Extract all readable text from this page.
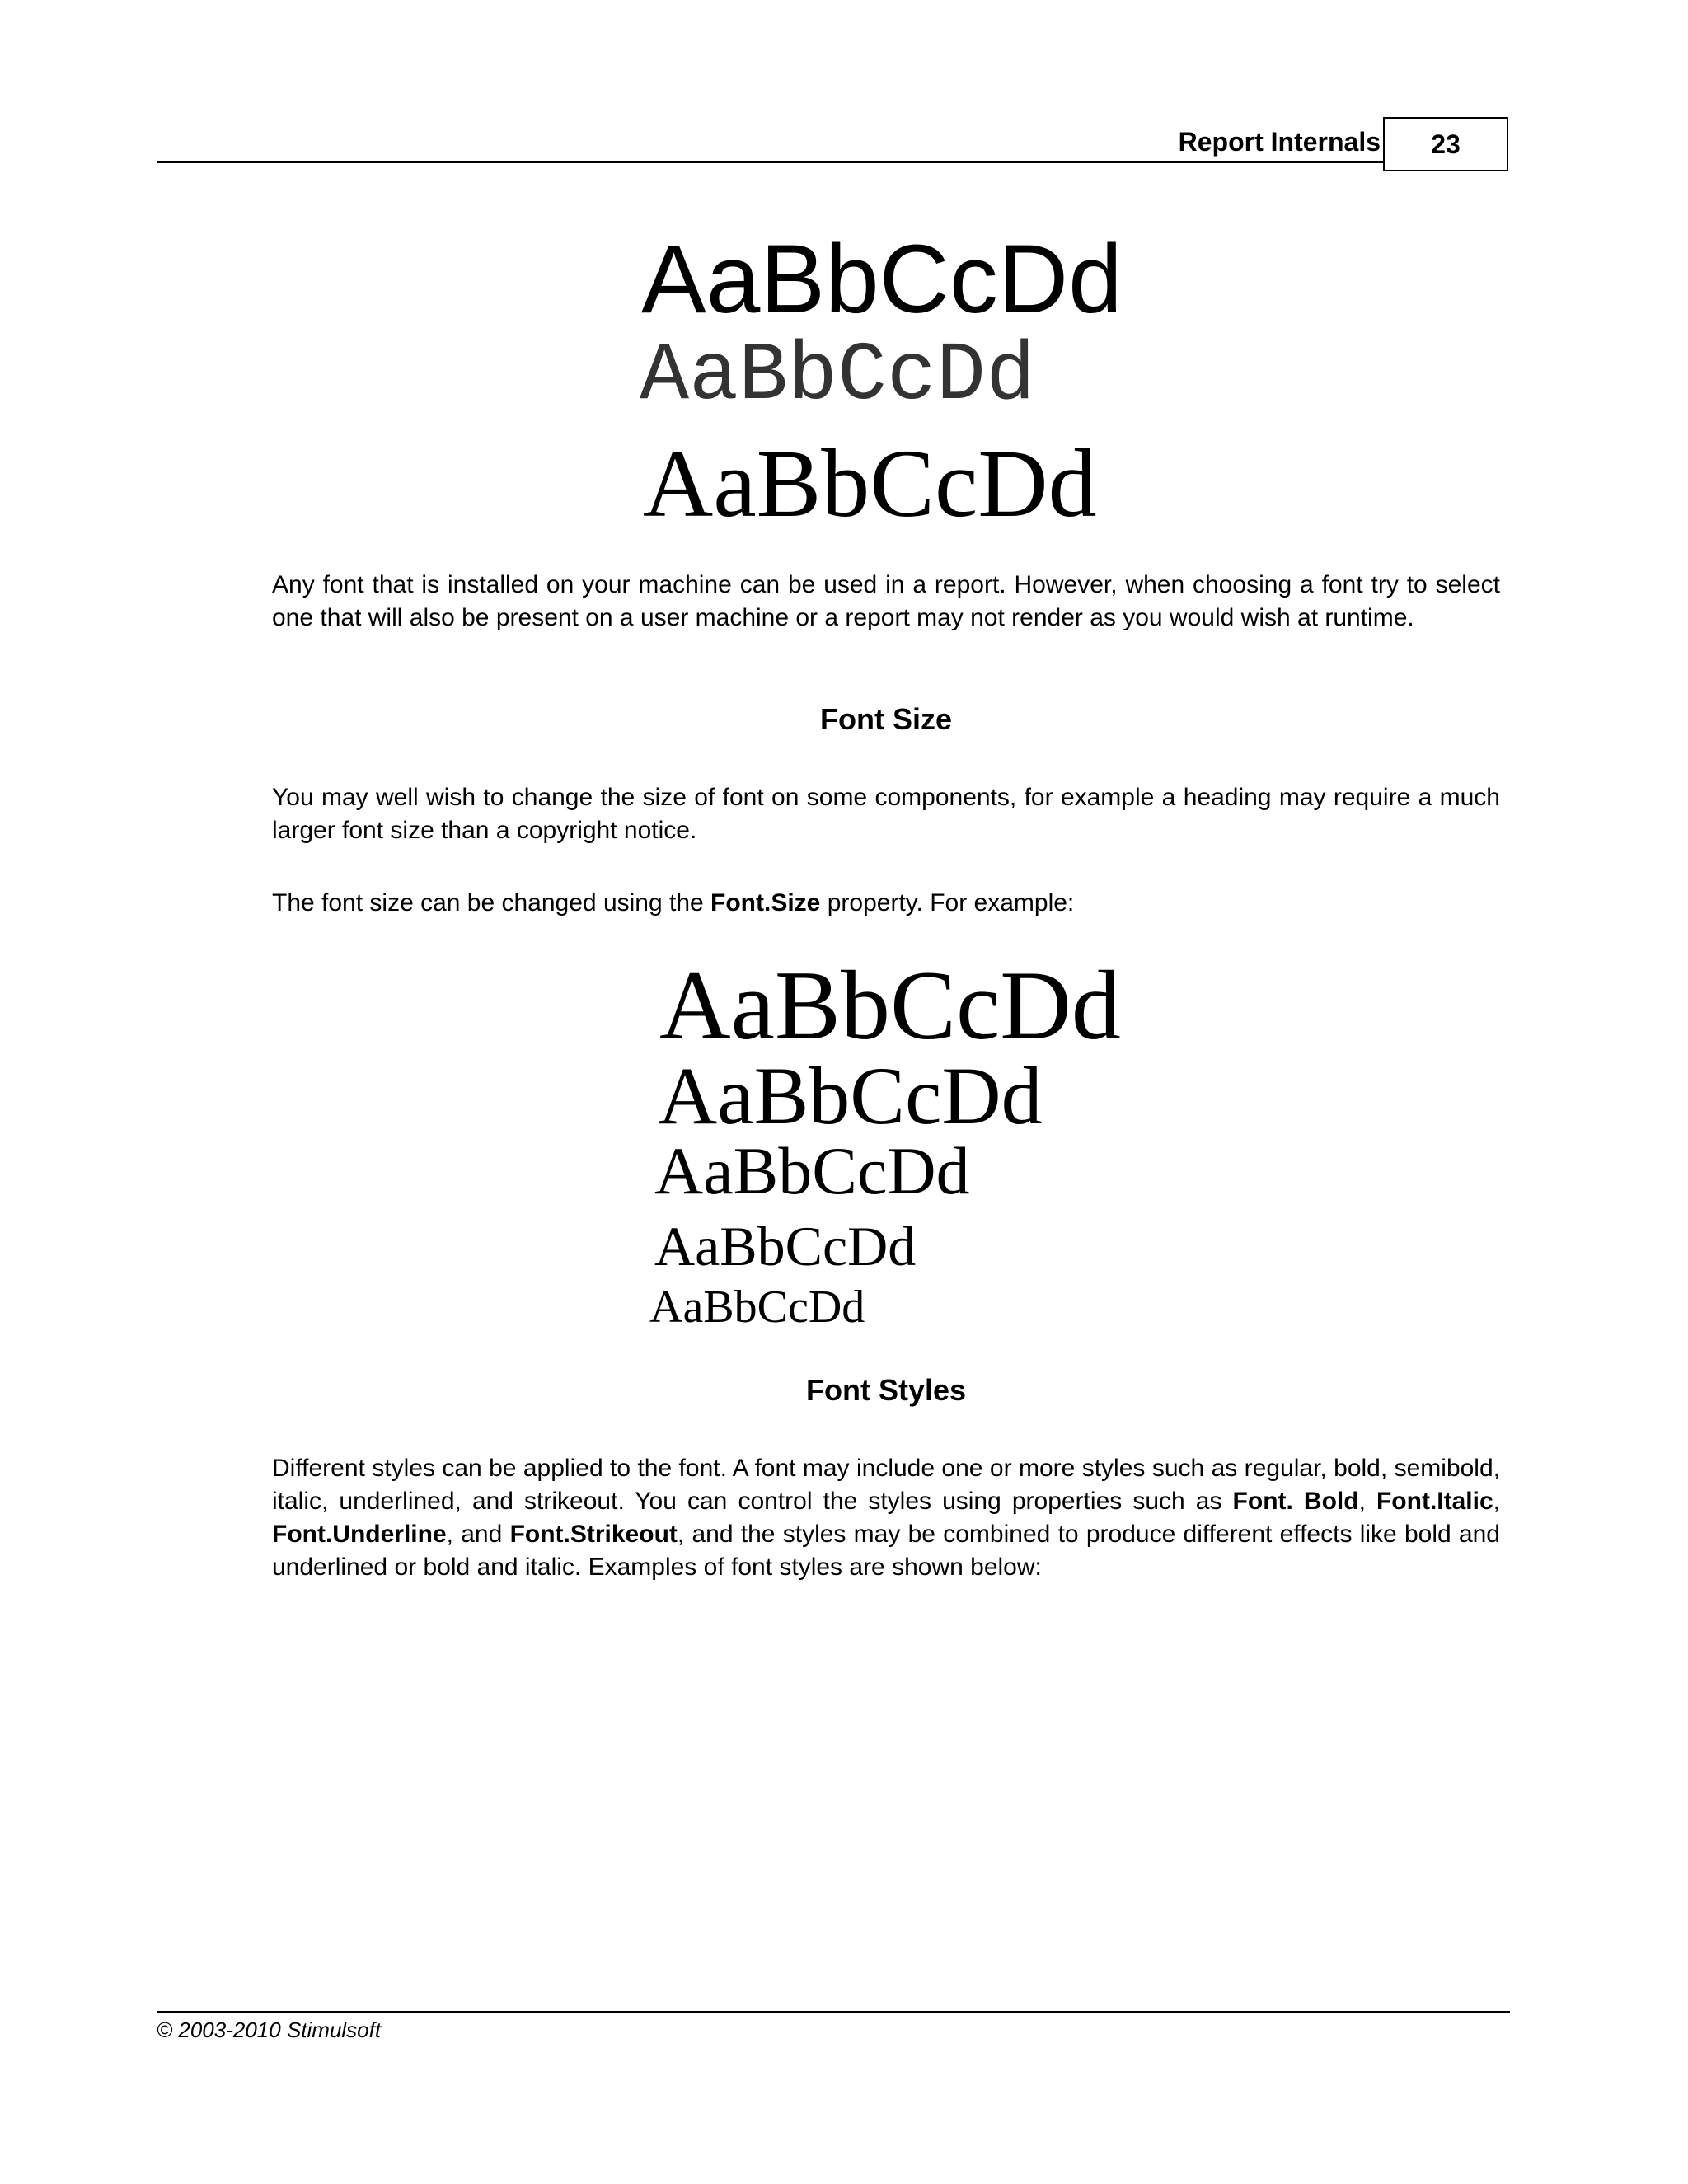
Report Internals	23
AaBbCcDd
AaBbCcDd
AaBbCcDd

Any font that is installed on your machine can be used in a report. However, when choosing a font try to select one that will also be present on a user machine or a report may not render as you would wish at runtime.

Font Size

You may well wish to change the size of font on some components, for example a heading may require a much larger font size than a copyright notice.

The font size can be changed using the Font.Size property. For example:

AaBbCcDd
AaBbCcDd
AaBbCcDd
AaBbCcDd
AaBbCcDd
Font Styles

Different styles can be applied to the font. A font may include one or more styles such as regular, bold, semibold, italic, underlined, and strikeout. You can control the styles using properties such as Font. Bold, Font.Italic, Font.Underline, and Font.Strikeout, and the styles may be combined to produce different effects like bold and underlined or bold and italic. Examples of font styles are shown below:

© 2003-2010 Stimulsoft
